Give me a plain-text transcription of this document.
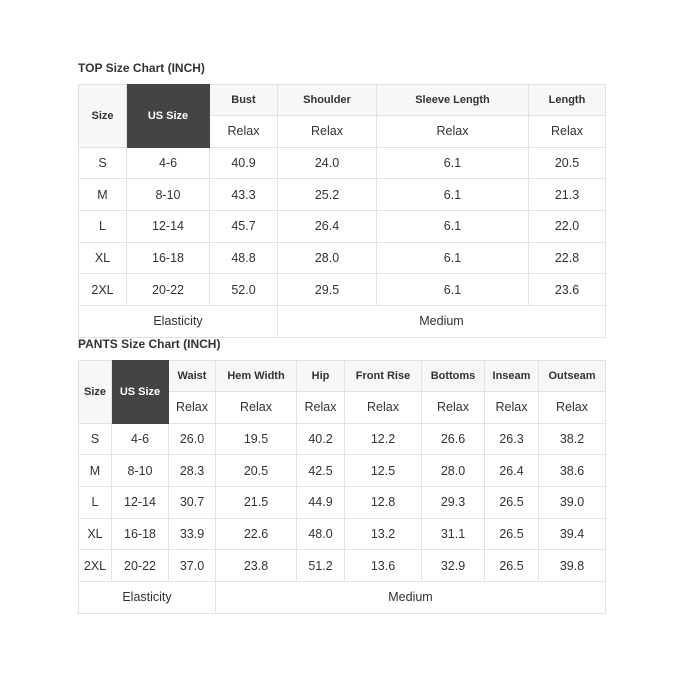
TOP Size Chart (INCH)
Size	US Size	Bust	Shoulder	Sleeve Length	Length
		Relax	Relax	Relax	Relax
S	4-6	40.9	24.0	6.1	20.5
M	8-10	43.3	25.2	6.1	21.3
L	12-14	45.7	26.4	6.1	22.0
XL	16-18	48.8	28.0	6.1	22.8
2XL	20-22	52.0	29.5	6.1	23.6
Elasticity			Medium		
PANTS Size Chart (INCH)
Size	US Size	Waist	Hem Width	Hip	Front Rise	Bottoms	Inseam	Outseam
		Relax	Relax	Relax	Relax	Relax	Relax	Relax
S	4-6	26.0	19.5	40.2	12.2	26.6	26.3	38.2
M	8-10	28.3	20.5	42.5	12.5	28.0	26.4	38.6
L	12-14	30.7	21.5	44.9	12.8	29.3	26.5	39.0
XL	16-18	33.9	22.6	48.0	13.2	31.1	26.5	39.4
2XL	20-22	37.0	23.8	51.2	13.6	32.9	26.5	39.8
Elasticity			Medium					
